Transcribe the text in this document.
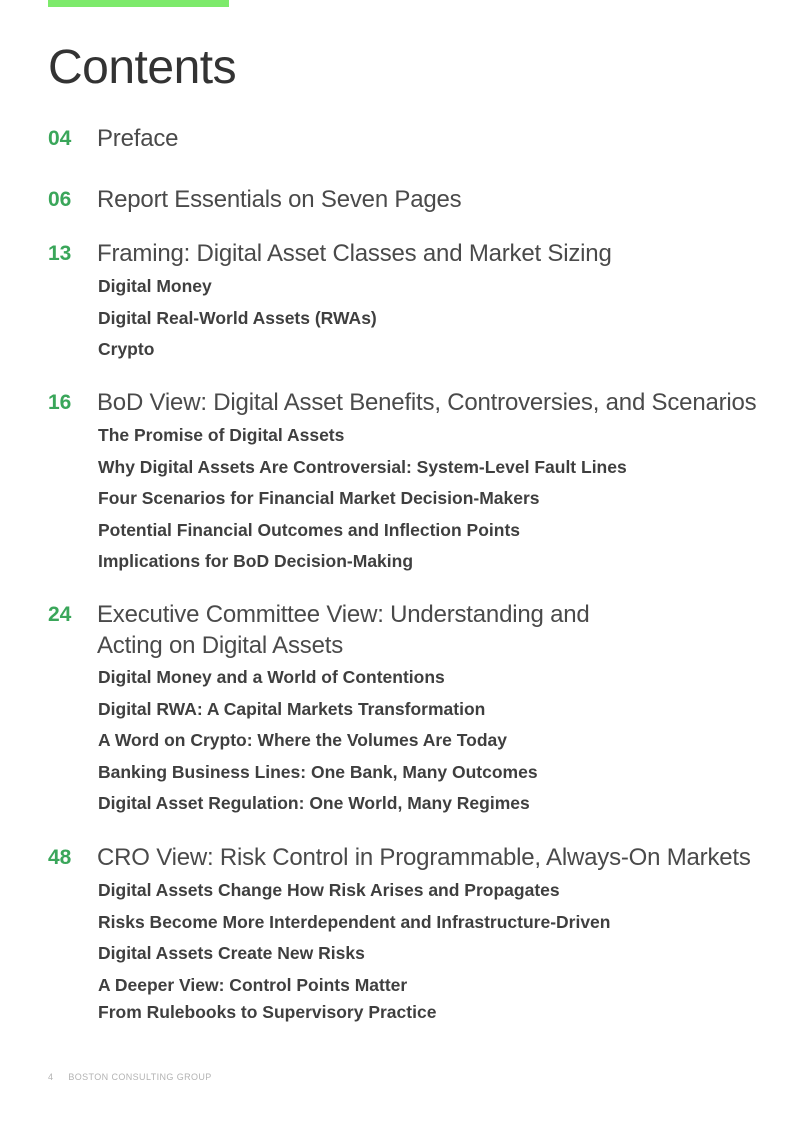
Contents
04	Preface
06	Report Essentials on Seven Pages
13	Framing: Digital Asset Classes and Market Sizing
Digital Money
Digital Real-World Assets (RWAs)
Crypto
16	BoD View: Digital Asset Benefits, Controversies, and Scenarios
The Promise of Digital Assets
Why Digital Assets Are Controversial: System-Level Fault Lines
Four Scenarios for Financial Market Decision-Makers
Potential Financial Outcomes and Inflection Points
Implications for BoD Decision-Making
24	Executive Committee View: Understanding and
Acting on Digital Assets
Digital Money and a World of Contentions
Digital RWA: A Capital Markets Transformation
A Word on Crypto: Where the Volumes Are Today
Banking Business Lines: One Bank, Many Outcomes
Digital Asset Regulation: One World, Many Regimes
48	CRO View: Risk Control in Programmable, Always-On Markets
Digital Assets Change How Risk Arises and Propagates
Risks Become More Interdependent and Infrastructure-Driven
Digital Assets Create New Risks
A Deeper View: Control Points Matter
From Rulebooks to Supervisory Practice
4 BOSTON CONSULTING GROUP
